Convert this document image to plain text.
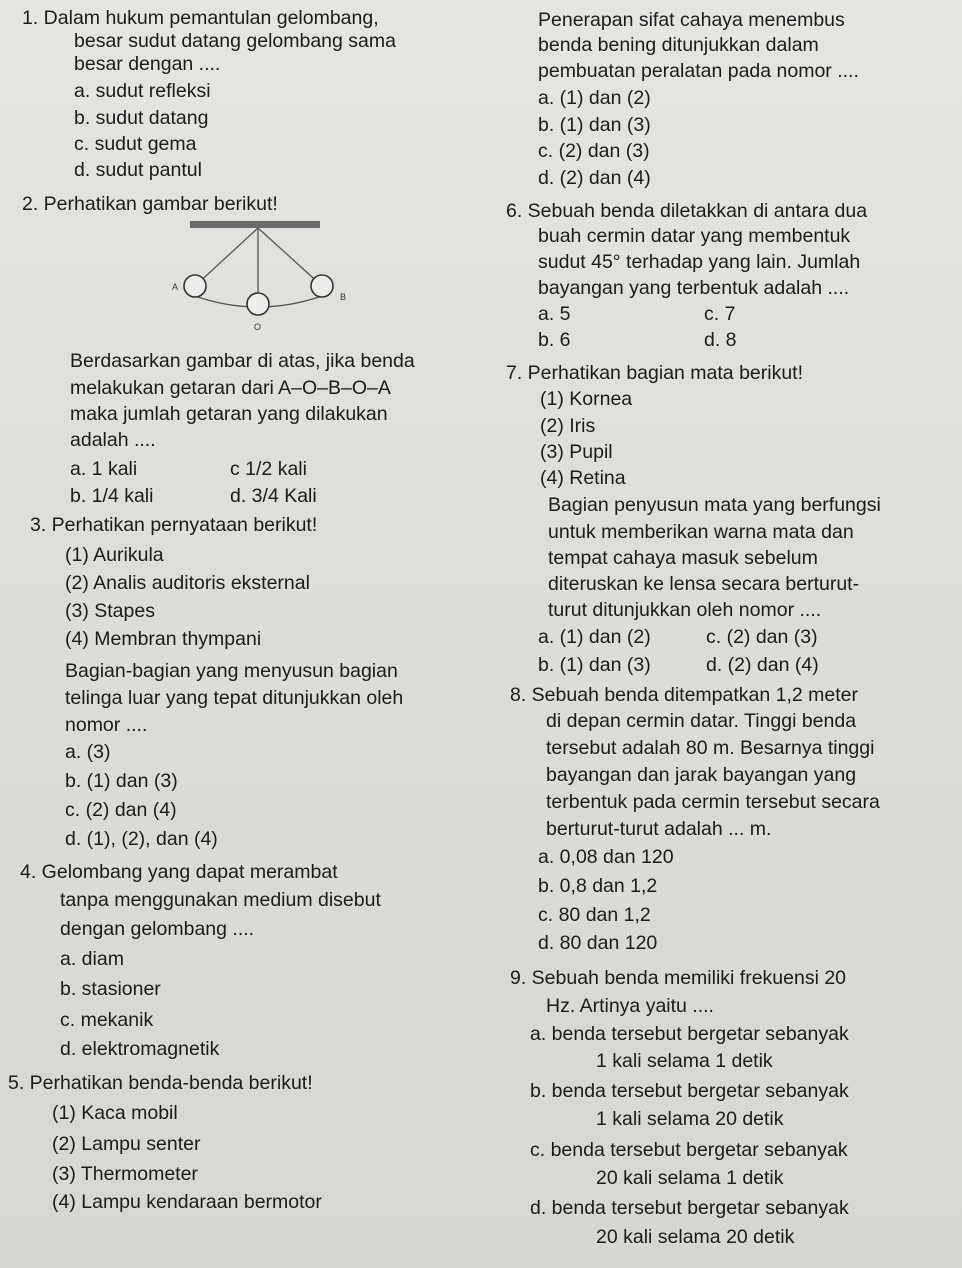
1. Dalam hukum pemantulan gelombang,
besar sudut datang gelombang sama
besar dengan ....
a. sudut refleksi
b. sudut datang
c. sudut gema
d. sudut pantul
2. Perhatikan gambar berikut!
A
B
O
Berdasarkan gambar di atas, jika benda
melakukan getaran dari A–O–B–O–A
maka jumlah getaran yang dilakukan
adalah ....
a. 1 kali	c 1/2 kali
b. 1/4 kali	d. 3/4 Kali
3. Perhatikan pernyataan berikut!
(1) Aurikula
(2) Analis auditoris eksternal
(3) Stapes
(4) Membran thympani
Bagian-bagian yang menyusun bagian
telinga luar yang tepat ditunjukkan oleh
nomor ....
a. (3)
b. (1) dan (3)
c. (2) dan (4)
d. (1), (2), dan (4)
4. Gelombang yang dapat merambat
tanpa menggunakan medium disebut
dengan gelombang ....
a. diam
b. stasioner
c. mekanik
d. elektromagnetik
5. Perhatikan benda-benda berikut!
(1) Kaca mobil
(2) Lampu senter
(3) Thermometer
(4) Lampu kendaraan bermotor
Penerapan sifat cahaya menembus
benda bening ditunjukkan dalam
pembuatan peralatan pada nomor ....
a. (1) dan (2)
b. (1) dan (3)
c. (2) dan (3)
d. (2) dan (4)
6. Sebuah benda diletakkan di antara dua
buah cermin datar yang membentuk
sudut 45° terhadap yang lain. Jumlah
bayangan yang terbentuk adalah ....
a. 5	c. 7
b. 6	d. 8
7. Perhatikan bagian mata berikut!
(1) Kornea
(2) Iris
(3) Pupil
(4) Retina
Bagian penyusun mata yang berfungsi
untuk memberikan warna mata dan
tempat cahaya masuk sebelum
diteruskan ke lensa secara berturut-
turut ditunjukkan oleh nomor ....
a. (1) dan (2)	c. (2) dan (3)
b. (1) dan (3)	d. (2) dan (4)
8. Sebuah benda ditempatkan 1,2 meter
di depan cermin datar. Tinggi benda
tersebut adalah 80 m. Besarnya tinggi
bayangan dan jarak bayangan yang
terbentuk pada cermin tersebut secara
berturut-turut adalah ... m.
a. 0,08 dan 120
b. 0,8 dan 1,2
c. 80 dan 1,2
d. 80 dan 120
9. Sebuah benda memiliki frekuensi 20
Hz. Artinya yaitu ....
a. benda tersebut bergetar sebanyak
1 kali selama 1 detik
b. benda tersebut bergetar sebanyak
1 kali selama 20 detik
c. benda tersebut bergetar sebanyak
20 kali selama 1 detik
d. benda tersebut bergetar sebanyak
20 kali selama 20 detik
